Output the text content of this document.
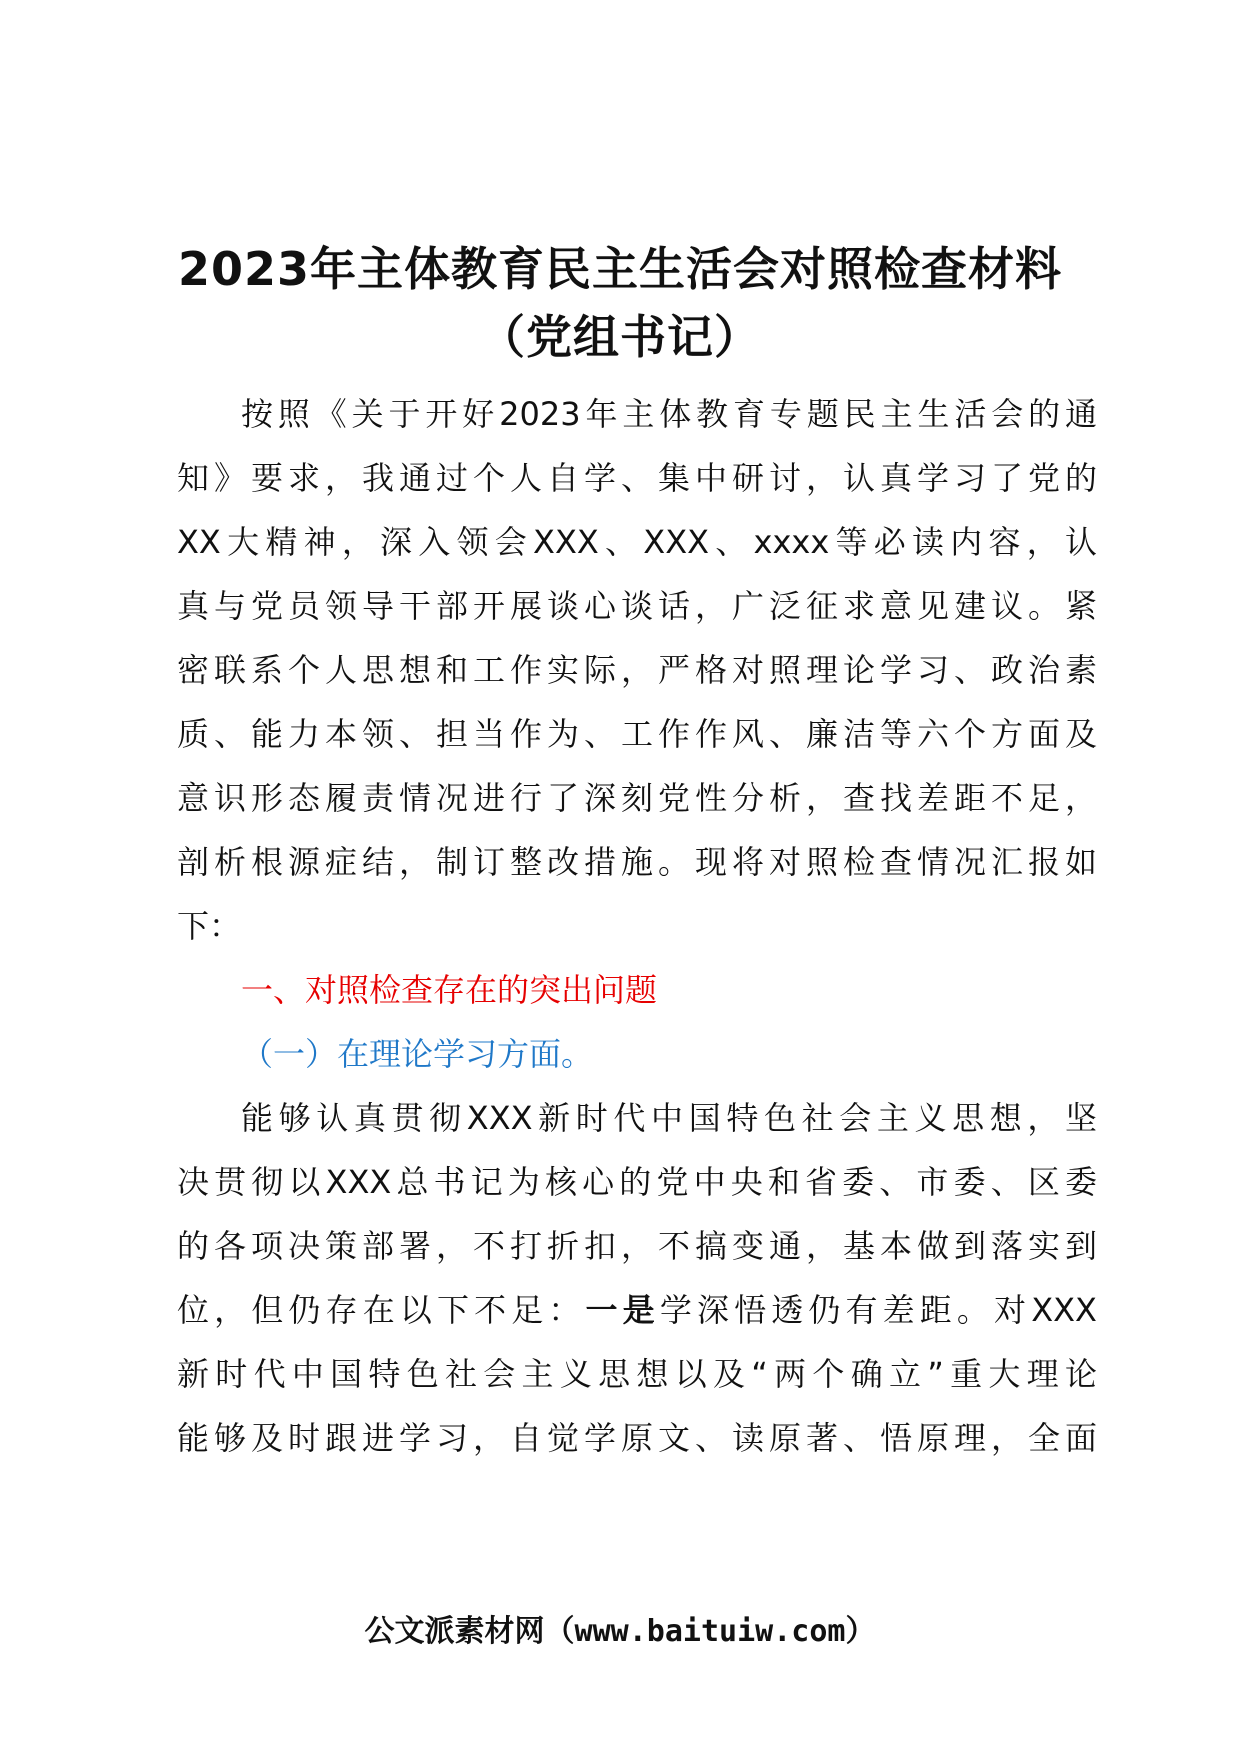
2023年主体教育民主生活会对照检查材料
（党组书记）
按照《关于开好2023年主体教育专题民主生活会的通
知》要求，我通过个人自学、集中研讨，认真学习了党的
XX大精神，深入领会XXX、XXX、xxxx等必读内容，认
真与党员领导干部开展谈心谈话，广泛征求意见建议。紧
密联系个人思想和工作实际，严格对照理论学习、政治素
质、能力本领、担当作为、工作作风、廉洁等六个方面及
意识形态履责情况进行了深刻党性分析，查找差距不足，
剖析根源症结，制订整改措施。现将对照检查情况汇报如
下：
一、对照检查存在的突出问题
（一）在理论学习方面。
能够认真贯彻XXX新时代中国特色社会主义思想，坚
决贯彻以XXX总书记为核心的党中央和省委、市委、区委
的各项决策部署，不打折扣，不搞变通，基本做到落实到
位，但仍存在以下不足：一是学深悟透仍有差距。对XXX
新时代中国特色社会主义思想以及“两个确立”重大理论
能够及时跟进学习，自觉学原文、读原著、悟原理，全面
公文派素材网（www.baituiw.com）
